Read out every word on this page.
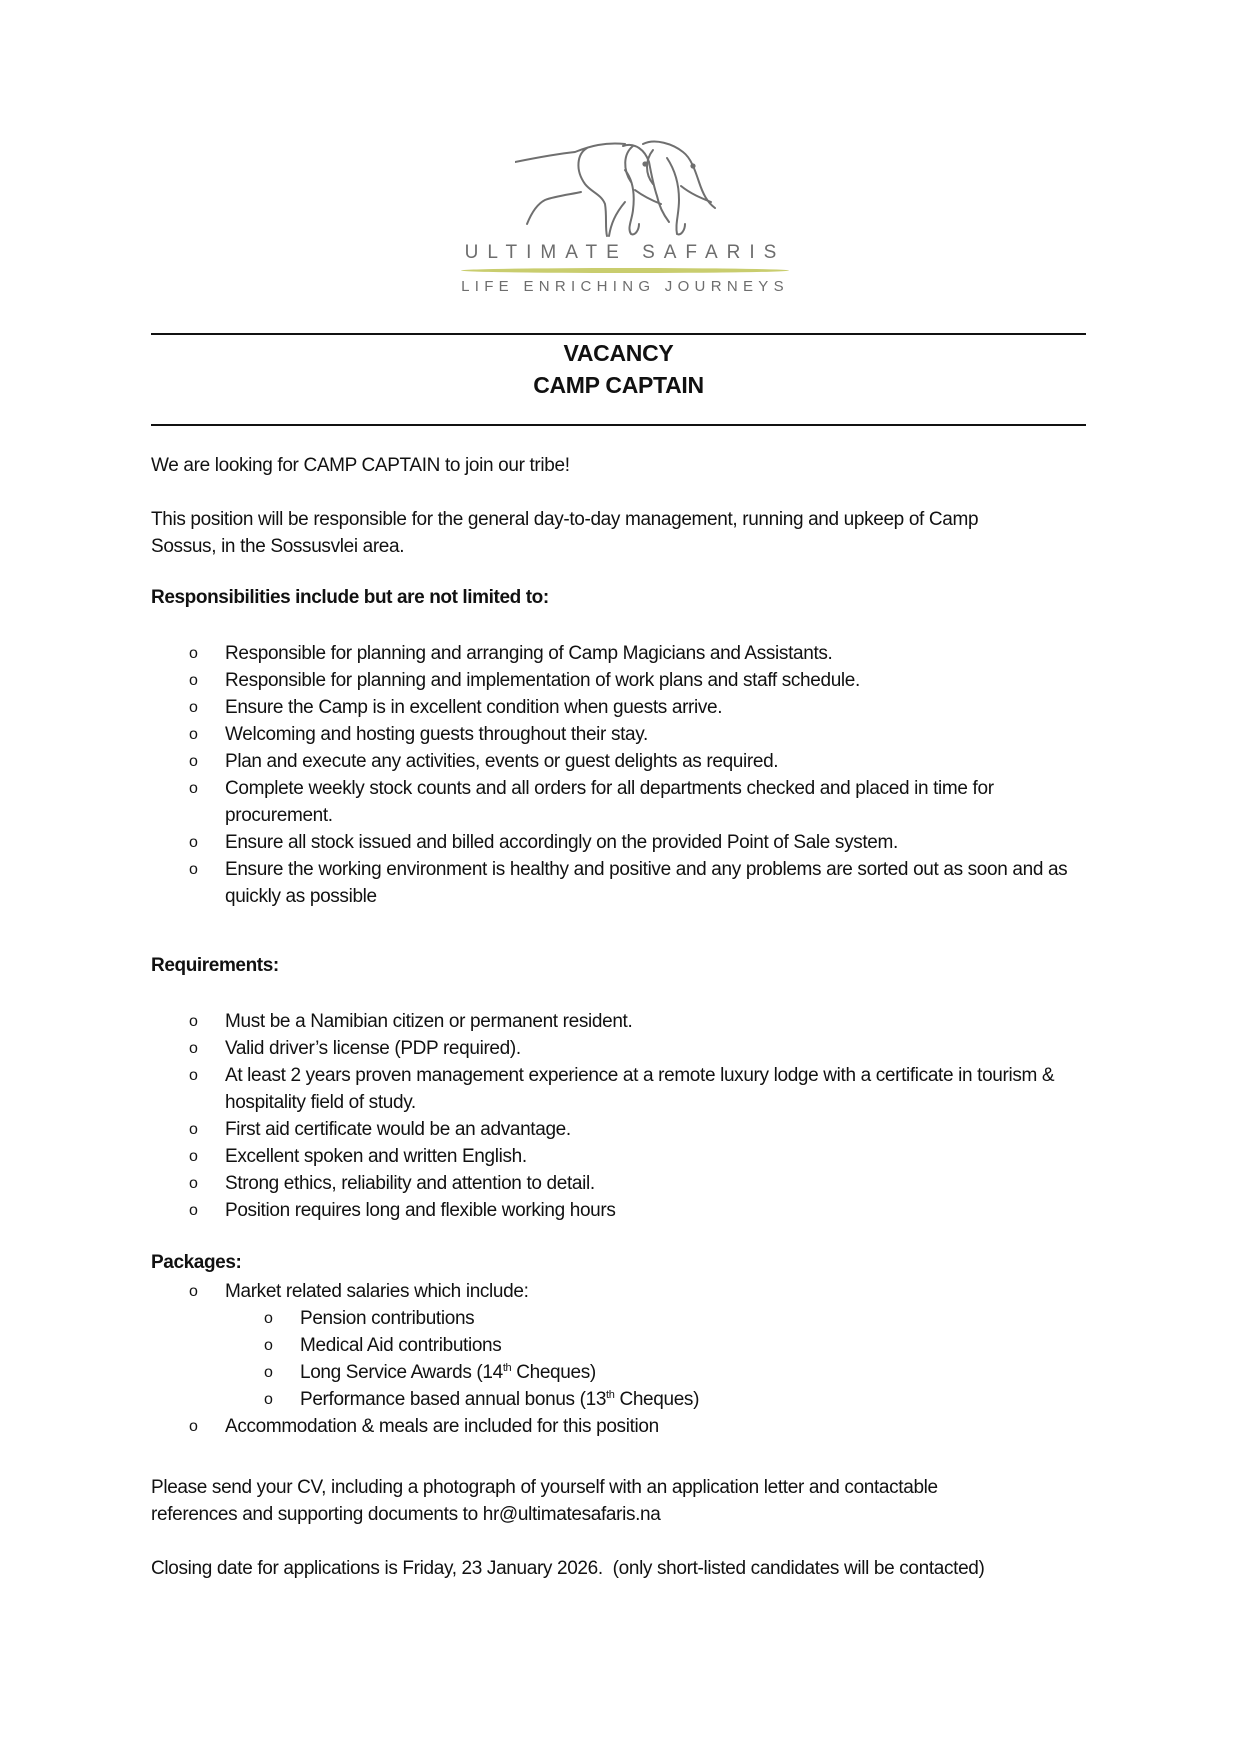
ULTIMATE SAFARIS
LIFE ENRICHING JOURNEYS
VACANCY
CAMP CAPTAIN
We are looking for CAMP CAPTAIN to join our tribe!
This position will be responsible for the general day-to-day management, running and upkeep of Camp
Sossus, in the Sossusvlei area.
Responsibilities include but are not limited to:
o Responsible for planning and arranging of Camp Magicians and Assistants.
o Responsible for planning and implementation of work plans and staff schedule.
o Ensure the Camp is in excellent condition when guests arrive.
o Welcoming and hosting guests throughout their stay.
o Plan and execute any activities, events or guest delights as required.
o Complete weekly stock counts and all orders for all departments checked and placed in time for procurement.
o Ensure all stock issued and billed accordingly on the provided Point of Sale system.
o Ensure the working environment is healthy and positive and any problems are sorted out as soon and as quickly as possible
Requirements:
o Must be a Namibian citizen or permanent resident.
o Valid driver’s license (PDP required).
o At least 2 years proven management experience at a remote luxury lodge with a certificate in tourism & hospitality field of study.
o First aid certificate would be an advantage.
o Excellent spoken and written English.
o Strong ethics, reliability and attention to detail.
o Position requires long and flexible working hours
Packages:
o Market related salaries which include:
o Pension contributions
o Medical Aid contributions
o Long Service Awards (14th Cheques)
o Performance based annual bonus (13th Cheques)
o Accommodation & meals are included for this position
Please send your CV, including a photograph of yourself with an application letter and contactable
references and supporting documents to hr@ultimatesafaris.na
Closing date for applications is Friday, 23 January 2026.  (only short-listed candidates will be contacted)
